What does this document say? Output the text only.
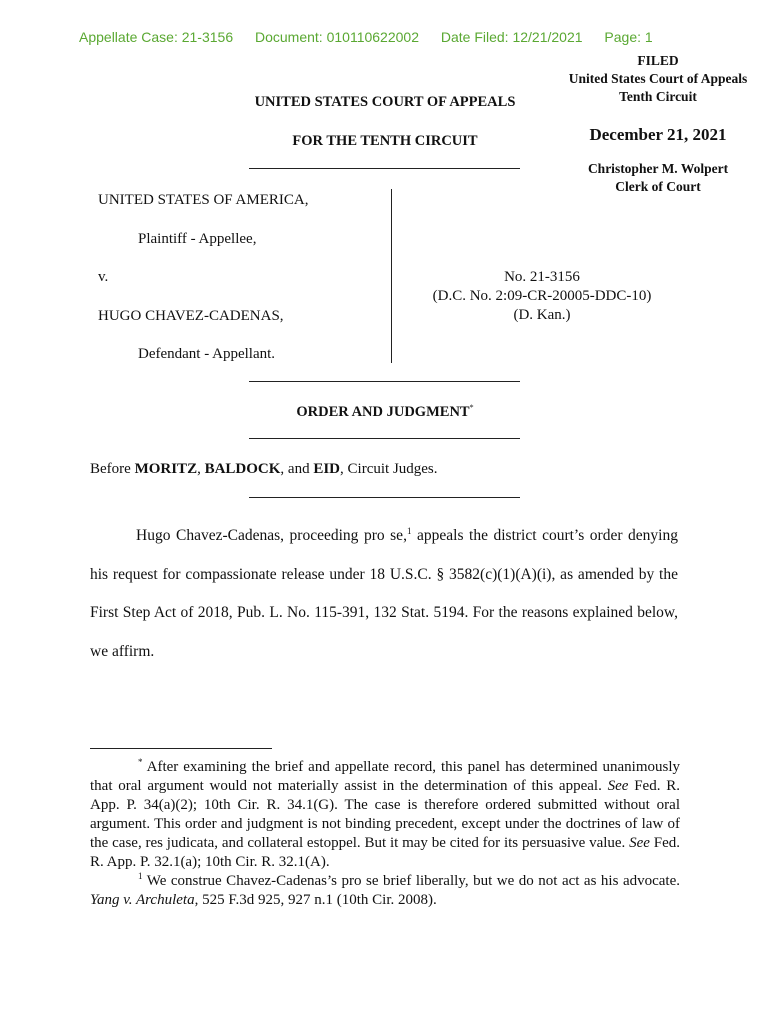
Appellate Case: 21-3156 Document: 010110622002 Date Filed: 12/21/2021 Page: 1
FILED
United States Court of Appeals
Tenth Circuit
December 21, 2021
Christopher M. Wolpert
Clerk of Court
UNITED STATES COURT OF APPEALS
FOR THE TENTH CIRCUIT
UNITED STATES OF AMERICA,
Plaintiff - Appellee,
v.
HUGO CHAVEZ-CADENAS,
Defendant - Appellant.
No. 21-3156
(D.C. No. 2:09-CR-20005-DDC-10)
(D. Kan.)
ORDER AND JUDGMENT*
Before MORITZ, BALDOCK, and EID, Circuit Judges.
Hugo Chavez-Cadenas, proceeding pro se,$^1$ appeals the district court’s order denying his request for compassionate release under 18 U.S.C. § 3582(c)(1)(A)(i), as amended by the First Step Act of 2018, Pub. L. No. 115-391, 132 Stat. 5194. For the reasons explained below, we affirm.

* After examining the brief and appellate record, this panel has determined unanimously that oral argument would not materially assist in the determination of this appeal. See Fed. R. App. P. 34(a)(2); 10th Cir. R. 34.1(G). The case is therefore ordered submitted without oral argument. This order and judgment is not binding precedent, except under the doctrines of law of the case, res judicata, and collateral estoppel. But it may be cited for its persuasive value. See Fed. R. App. P. 32.1(a); 10th Cir. R. 32.1(A).

$^1$ We construe Chavez-Cadenas’s pro se brief liberally, but we do not act as his advocate. Yang v. Archuleta, 525 F.3d 925, 927 n.1 (10th Cir. 2008).
